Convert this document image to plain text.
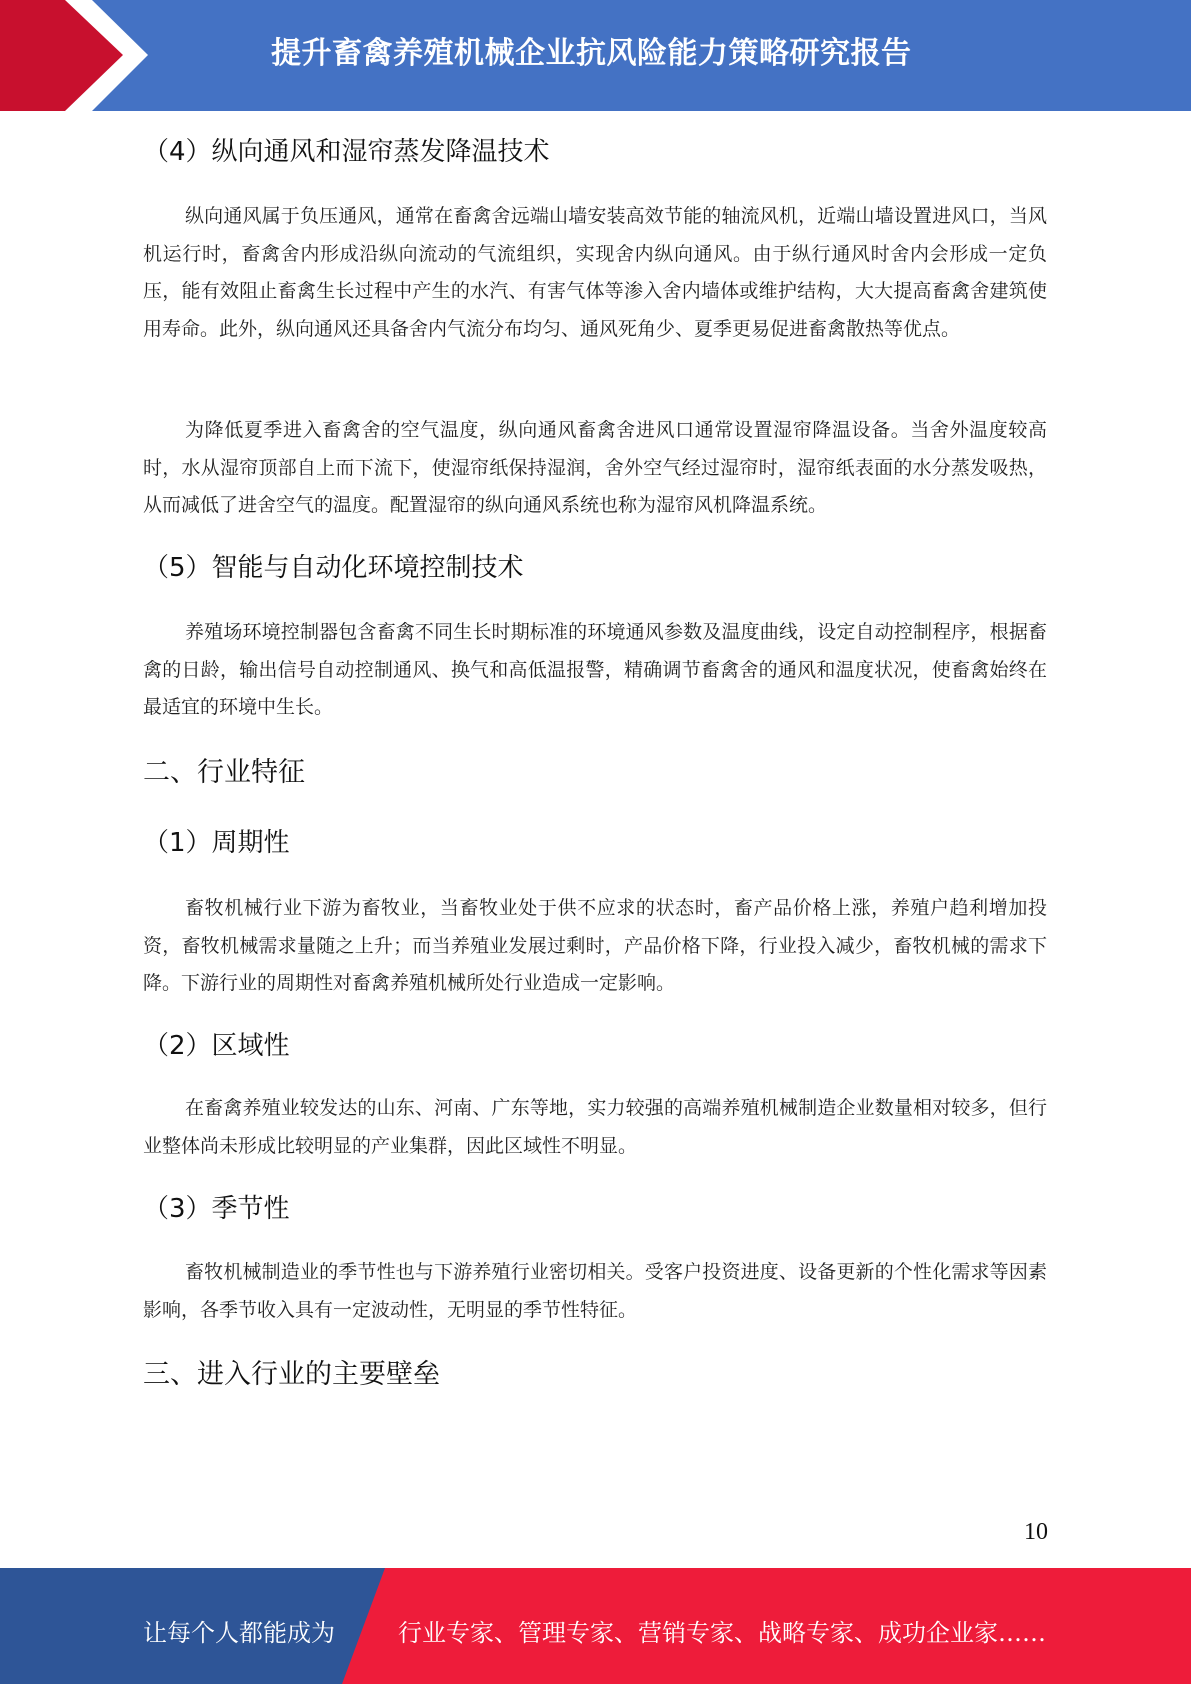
提升畜禽养殖机械企业抗风险能力策略研究报告
（4）纵向通风和湿帘蒸发降温技术

纵向通风属于负压通风，通常在畜禽舍远端山墙安装高效节能的轴流风机，近端山墙设置进风口，当风机运行时，畜禽舍内形成沿纵向流动的气流组织，实现舍内纵向通风。由于纵行通风时舍内会形成一定负压，能有效阻止畜禽生长过程中产生的水汽、有害气体等渗入舍内墙体或维护结构，大大提高畜禽舍建筑使用寿命。此外，纵向通风还具备舍内气流分布均匀、通风死角少、夏季更易促进畜禽散热等优点。

为降低夏季进入畜禽舍的空气温度，纵向通风畜禽舍进风口通常设置湿帘降温设备。当舍外温度较高时，水从湿帘顶部自上而下流下，使湿帘纸保持湿润，舍外空气经过湿帘时，湿帘纸表面的水分蒸发吸热，从而减低了进舍空气的温度。配置湿帘的纵向通风系统也称为湿帘风机降温系统。

（5）智能与自动化环境控制技术

养殖场环境控制器包含畜禽不同生长时期标准的环境通风参数及温度曲线，设定自动控制程序，根据畜禽的日龄，输出信号自动控制通风、换气和高低温报警，精确调节畜禽舍的通风和温度状况，使畜禽始终在最适宜的环境中生长。

二、行业特征
（1）周期性

畜牧机械行业下游为畜牧业，当畜牧业处于供不应求的状态时，畜产品价格上涨，养殖户趋利增加投资，畜牧机械需求量随之上升；而当养殖业发展过剩时，产品价格下降，行业投入减少，畜牧机械的需求下降。下游行业的周期性对畜禽养殖机械所处行业造成一定影响。

（2）区域性

在畜禽养殖业较发达的山东、河南、广东等地，实力较强的高端养殖机械制造企业数量相对较多，但行业整体尚未形成比较明显的产业集群，因此区域性不明显。

（3）季节性

畜牧机械制造业的季节性也与下游养殖行业密切相关。受客户投资进度、设备更新的个性化需求等因素影响，各季节收入具有一定波动性，无明显的季节性特征。

三、进入行业的主要壁垒
10
让每个人都能成为	行业专家、管理专家、营销专家、战略专家、成功企业家……
